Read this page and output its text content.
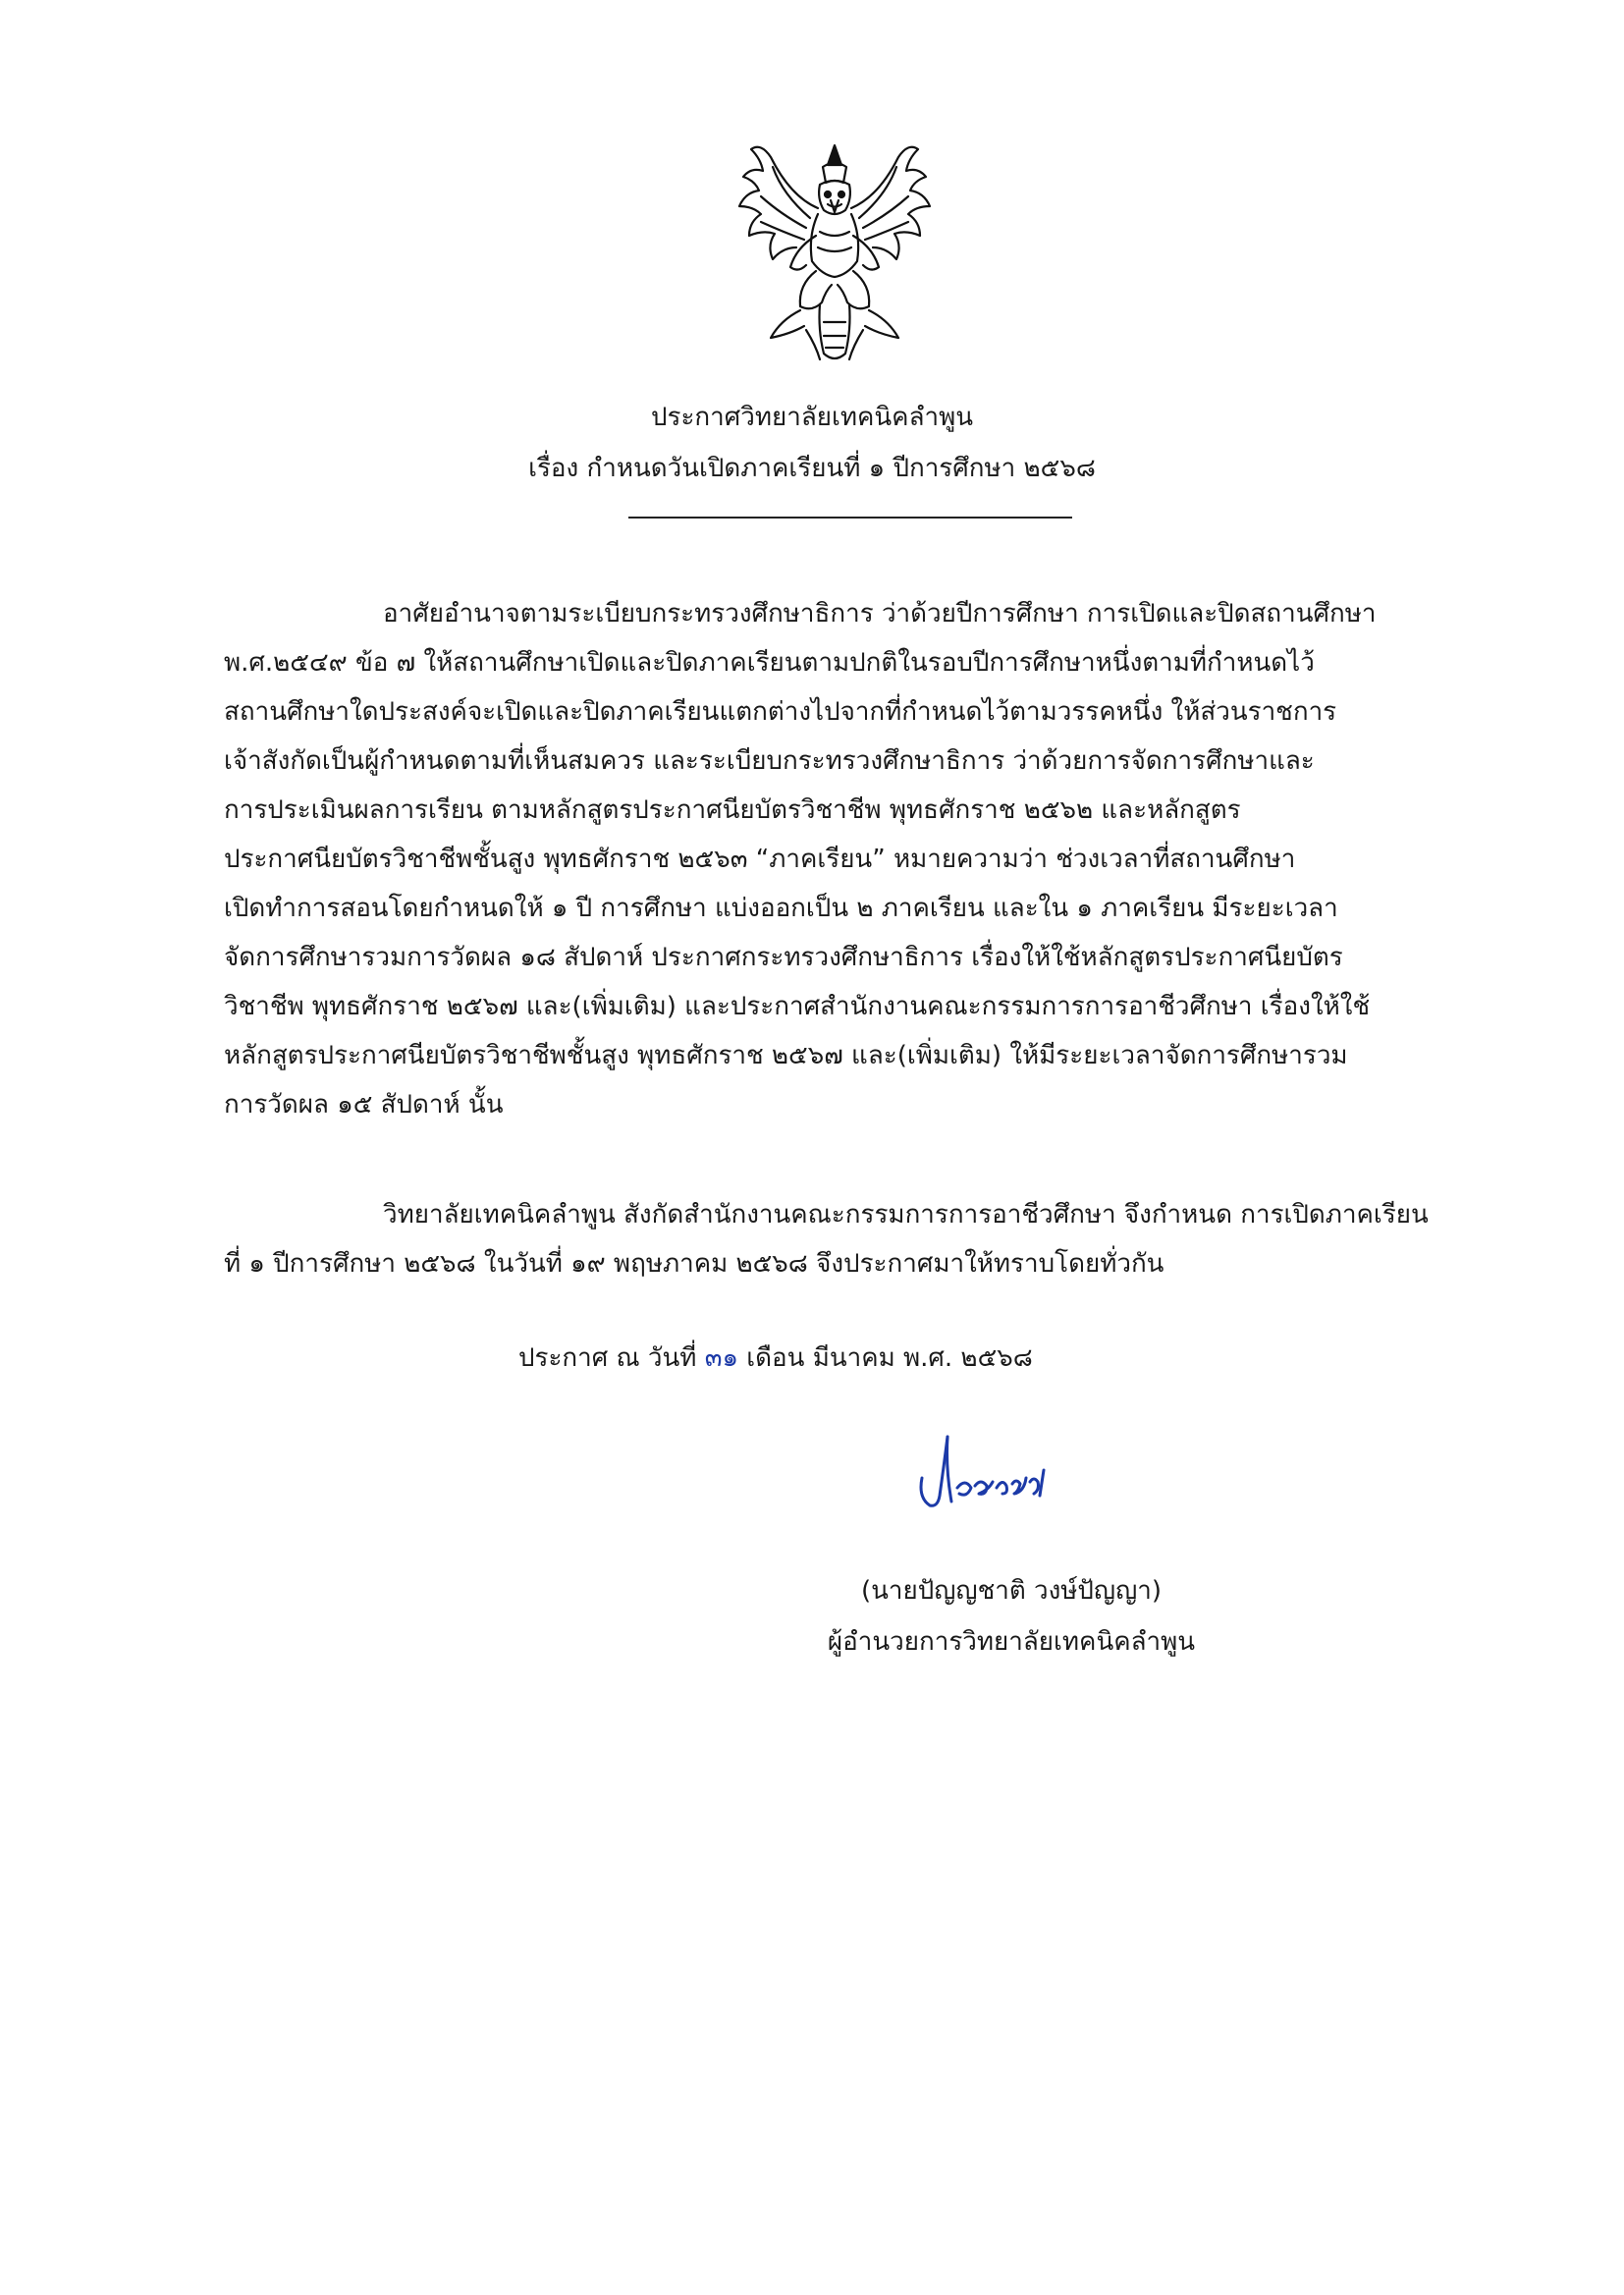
ประกาศวิทยาลัยเทคนิคลำพูน
เรื่อง กำหนดวันเปิดภาคเรียนที่ ๑ ปีการศึกษา ๒๕๖๘
อาศัยอำนาจตามระเบียบกระทรวงศึกษาธิการ ว่าด้วยปีการศึกษา การเปิดและปิดสถานศึกษา
พ.ศ.๒๕๔๙ ข้อ ๗ ให้สถานศึกษาเปิดและปิดภาคเรียนตามปกติในรอบปีการศึกษาหนึ่งตามที่กำหนดไว้
สถานศึกษาใดประสงค์จะเปิดและปิดภาคเรียนแตกต่างไปจากที่กำหนดไว้ตามวรรคหนึ่ง ให้ส่วนราชการ
เจ้าสังกัดเป็นผู้กำหนดตามที่เห็นสมควร และระเบียบกระทรวงศึกษาธิการ ว่าด้วยการจัดการศึกษาและ
การประเมินผลการเรียน ตามหลักสูตรประกาศนียบัตรวิชาชีพ พุทธศักราช ๒๕๖๒ และหลักสูตร
ประกาศนียบัตรวิชาชีพชั้นสูง พุทธศักราช ๒๕๖๓ “ภาคเรียน” หมายความว่า ช่วงเวลาที่สถานศึกษา
เปิดทำการสอนโดยกำหนดให้ ๑ ปี การศึกษา แบ่งออกเป็น ๒ ภาคเรียน และใน ๑ ภาคเรียน มีระยะเวลา
จัดการศึกษารวมการวัดผล ๑๘ สัปดาห์ ประกาศกระทรวงศึกษาธิการ เรื่องให้ใช้หลักสูตรประกาศนียบัตร
วิชาชีพ พุทธศักราช ๒๕๖๗ และ(เพิ่มเติม) และประกาศสำนักงานคณะกรรมการการอาชีวศึกษา เรื่องให้ใช้
หลักสูตรประกาศนียบัตรวิชาชีพชั้นสูง พุทธศักราช ๒๕๖๗ และ(เพิ่มเติม) ให้มีระยะเวลาจัดการศึกษารวม
การวัดผล ๑๕ สัปดาห์ นั้น
วิทยาลัยเทคนิคลำพูน สังกัดสำนักงานคณะกรรมการการอาชีวศึกษา จึงกำหนด การเปิดภาคเรียน
ที่ ๑ ปีการศึกษา ๒๕๖๘ ในวันที่ ๑๙ พฤษภาคม ๒๕๖๘ จึงประกาศมาให้ทราบโดยทั่วกัน
ประกาศ ณ วันที่ ๓๑ เดือน มีนาคม พ.ศ. ๒๕๖๘
(นายปัญญชาติ วงษ์ปัญญา)
ผู้อำนวยการวิทยาลัยเทคนิคลำพูน
